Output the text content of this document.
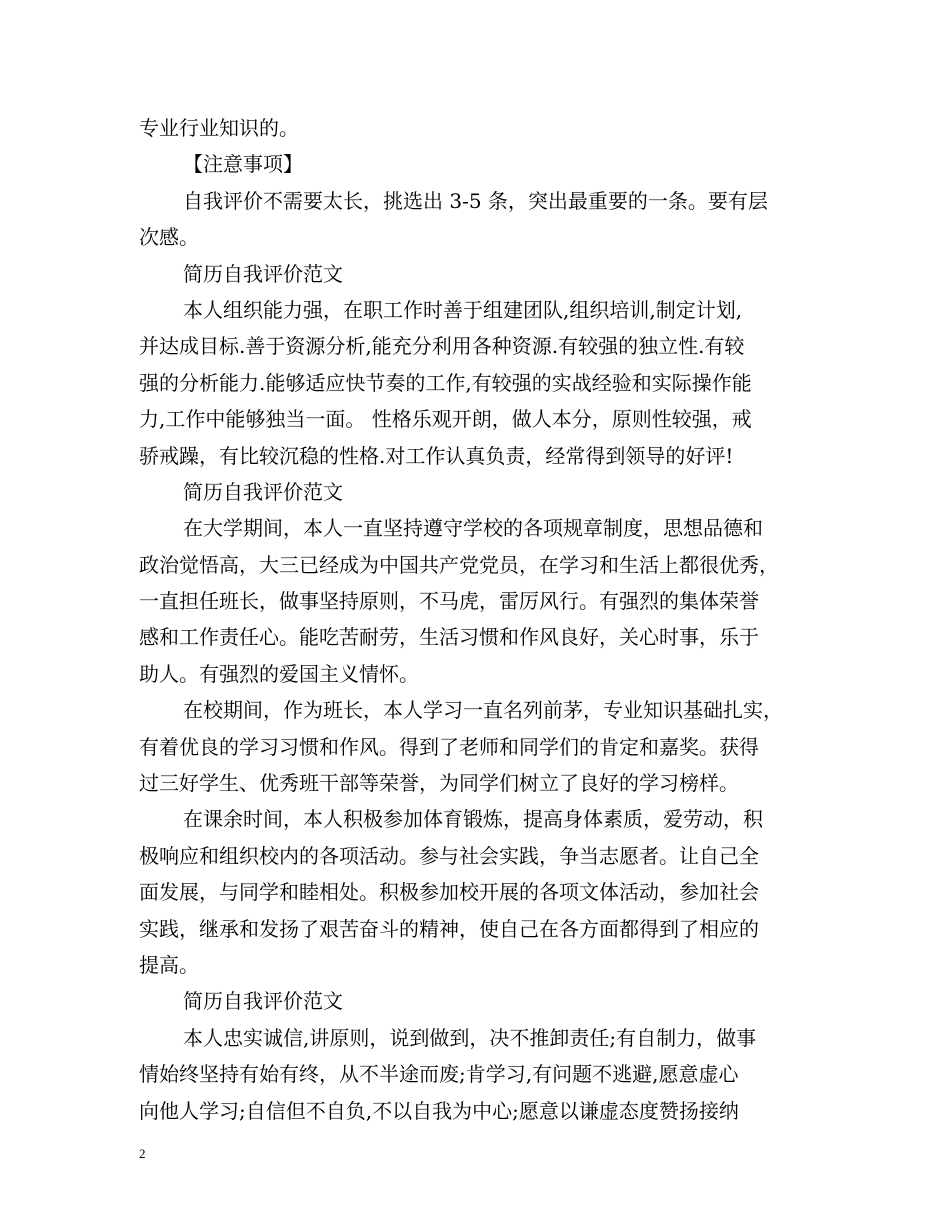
专业行业知识的。
【注意事项】
自我评价不需要太长，挑选出 3-5 条，突出最重要的一条。要有层
次感。
简历自我评价范文
本人组织能力强，在职工作时善于组建团队,组织培训,制定计划,
并达成目标.善于资源分析,能充分利用各种资源.有较强的独立性.有较
强的分析能力.能够适应快节奏的工作,有较强的实战经验和实际操作能
力,工作中能够独当一面。 性格乐观开朗，做人本分，原则性较强，戒
骄戒躁，有比较沉稳的性格.对工作认真负责，经常得到领导的好评!
简历自我评价范文
在大学期间，本人一直坚持遵守学校的各项规章制度，思想品德和
政治觉悟高，大三已经成为中国共产党党员，在学习和生活上都很优秀，
一直担任班长，做事坚持原则，不马虎，雷厉风行。有强烈的集体荣誉
感和工作责任心。能吃苦耐劳，生活习惯和作风良好，关心时事，乐于
助人。有强烈的爱国主义情怀。
在校期间，作为班长，本人学习一直名列前茅，专业知识基础扎实，
有着优良的学习习惯和作风。得到了老师和同学们的肯定和嘉奖。获得
过三好学生、优秀班干部等荣誉，为同学们树立了良好的学习榜样。
在课余时间，本人积极参加体育锻炼，提高身体素质，爱劳动，积
极响应和组织校内的各项活动。参与社会实践，争当志愿者。让自己全
面发展，与同学和睦相处。积极参加校开展的各项文体活动，参加社会
实践，继承和发扬了艰苦奋斗的精神，使自己在各方面都得到了相应的
提高。
简历自我评价范文
本人忠实诚信,讲原则，说到做到，决不推卸责任;有自制力，做事
情始终坚持有始有终，从不半途而废;肯学习,有问题不逃避,愿意虚心
向他人学习;自信但不自负,不以自我为中心;愿意以谦虚态度赞扬接纳
2
